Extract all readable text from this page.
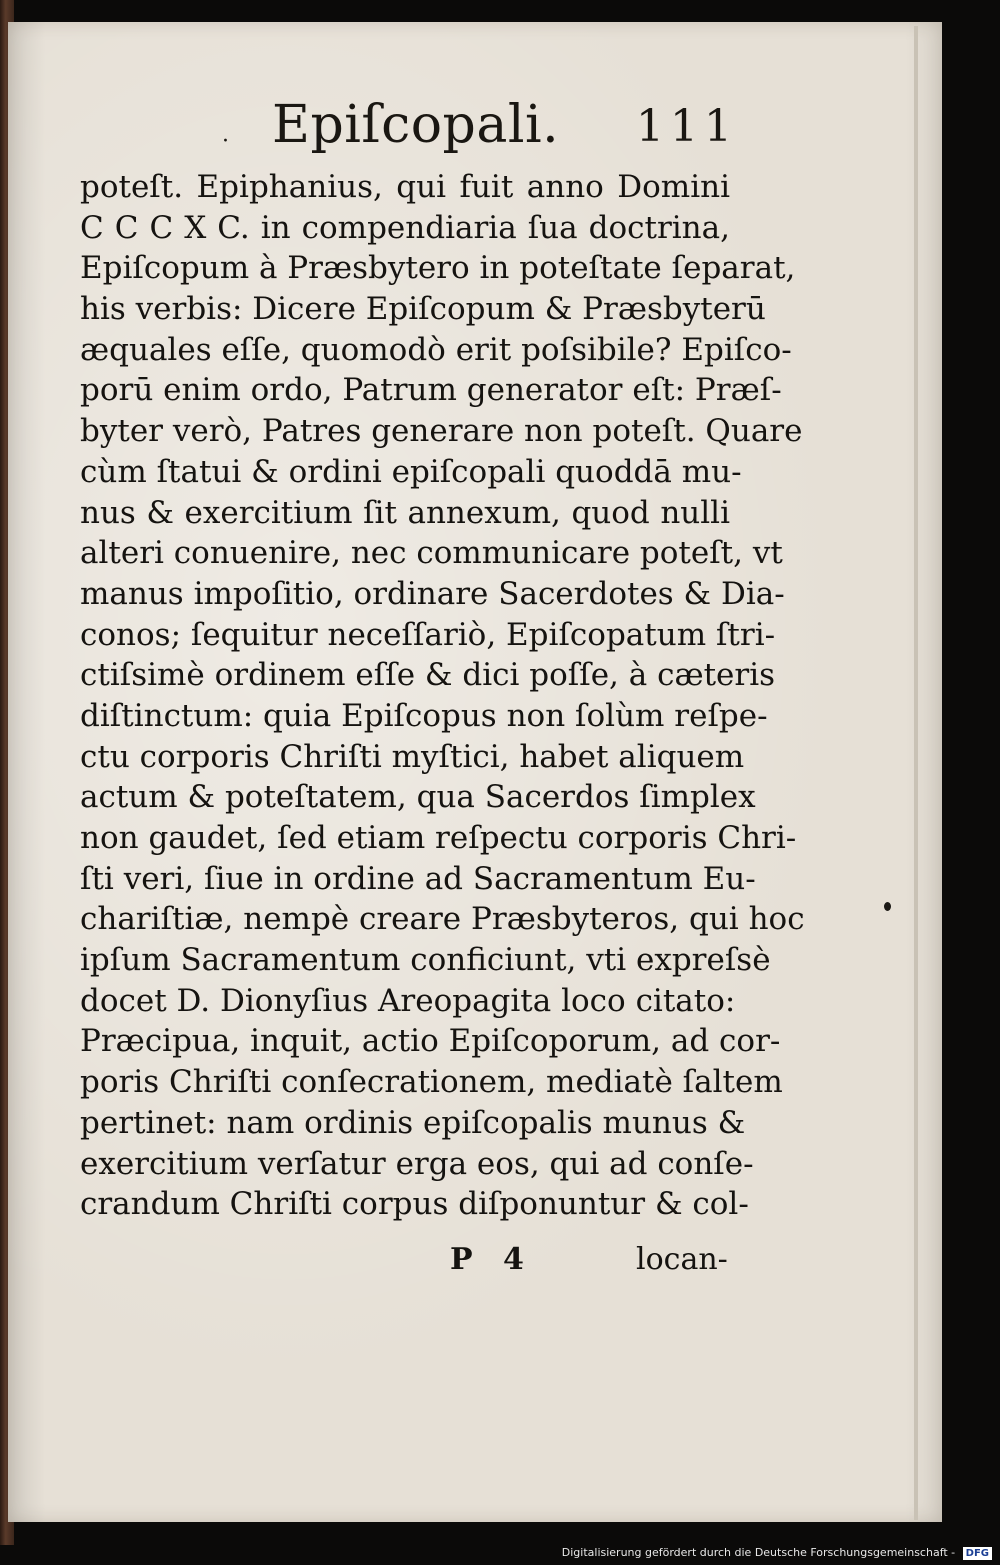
· Epiſcopali. 111
poteſt. Epiphanius, qui fuit anno Domini
C C C X C. in compendiaria ſua doctrina,
Epiſcopum à Præsbytero in poteſtate ſeparat,
his verbis: Dicere Epiſcopum & Præsbyterū
æquales eſſe, quomodò erit poſsibile? Epiſco-
porū enim ordo, Patrum generator eſt: Præſ-
byter verò, Patres generare non poteſt. Quare
cùm ſtatui & ordini epiſcopali quoddā mu-
nus & exercitium ſit annexum, quod nulli
alteri conuenire, nec communicare poteſt, vt
manus impoſitio, ordinare Sacerdotes & Dia-
conos; ſequitur neceſſariò, Epiſcopatum ſtri-
ctiſsimè ordinem eſſe & dici poſſe, à cæteris
diſtinctum: quia Epiſcopus non ſolùm reſpe-
ctu corporis Chriſti myſtici, habet aliquem
actum & poteſtatem, qua Sacerdos ſimplex
non gaudet, ſed etiam reſpectu corporis Chri-
ſti veri, ſiue in ordine ad Sacramentum Eu-
chariſtiæ, nempè creare Præsbyteros, qui hoc
ipſum Sacramentum conficiunt, vti expreſsè
docet D. Dionyſius Areopagita loco citato:
Præcipua, inquit, actio Epiſcoporum, ad cor-
poris Chriſti conſecrationem, mediatè ſaltem
pertinet: nam ordinis epiſcopalis munus &
exercitium verſatur erga eos, qui ad conſe-
crandum Chriſti corpus diſponuntur & col-
P 4	locan-
Digitalisierung gefördert durch die Deutsche Forschungsgemeinschaft - DFG
